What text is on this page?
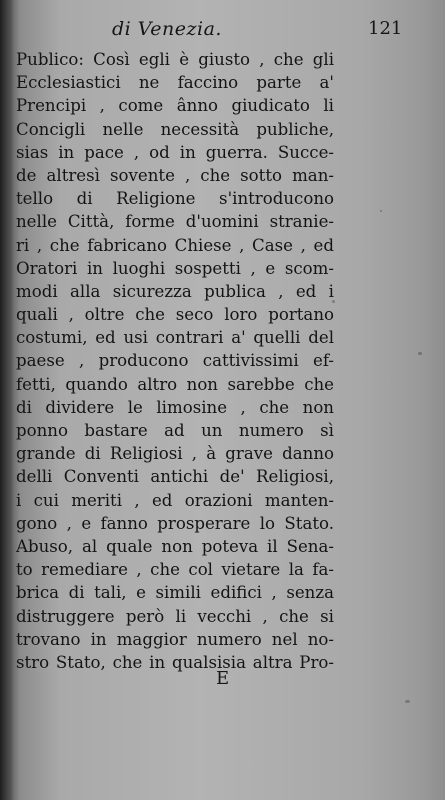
di Venezia.	121
Publico: Così egli è giusto , che gli
Ecclesiastici ne faccino parte a'
Prencipi , come ânno giudicato li
Concigli nelle necessità publiche,
sias in pace , od in guerra. Succe-
de altresì sovente , che sotto man-
tello di Religione s'introducono
nelle Città, forme d'uomini stranie-
ri , che fabricano Chiese , Case , ed
Oratori in luoghi sospetti , e scom-
modi alla sicurezza publica , ed i
quali , oltre che seco loro portano
costumi, ed usi contrari a' quelli del
paese , producono cattivissimi ef-
fetti, quando altro non sarebbe che
di dividere le limosine , che non
ponno bastare ad un numero sì
grande di Religiosi , à grave danno
delli Conventi antichi de' Religiosi,
i cui meriti , ed orazioni manten-
gono , e fanno prosperare lo Stato.
Abuso, al quale non poteva il Sena-
to remediare , che col vietare la fa-
brica di tali, e simili edifici , senza
distruggere però li vecchi , che si
trovano in maggior numero nel no-
stro Stato, che in qualsisia altra Pro-
E
